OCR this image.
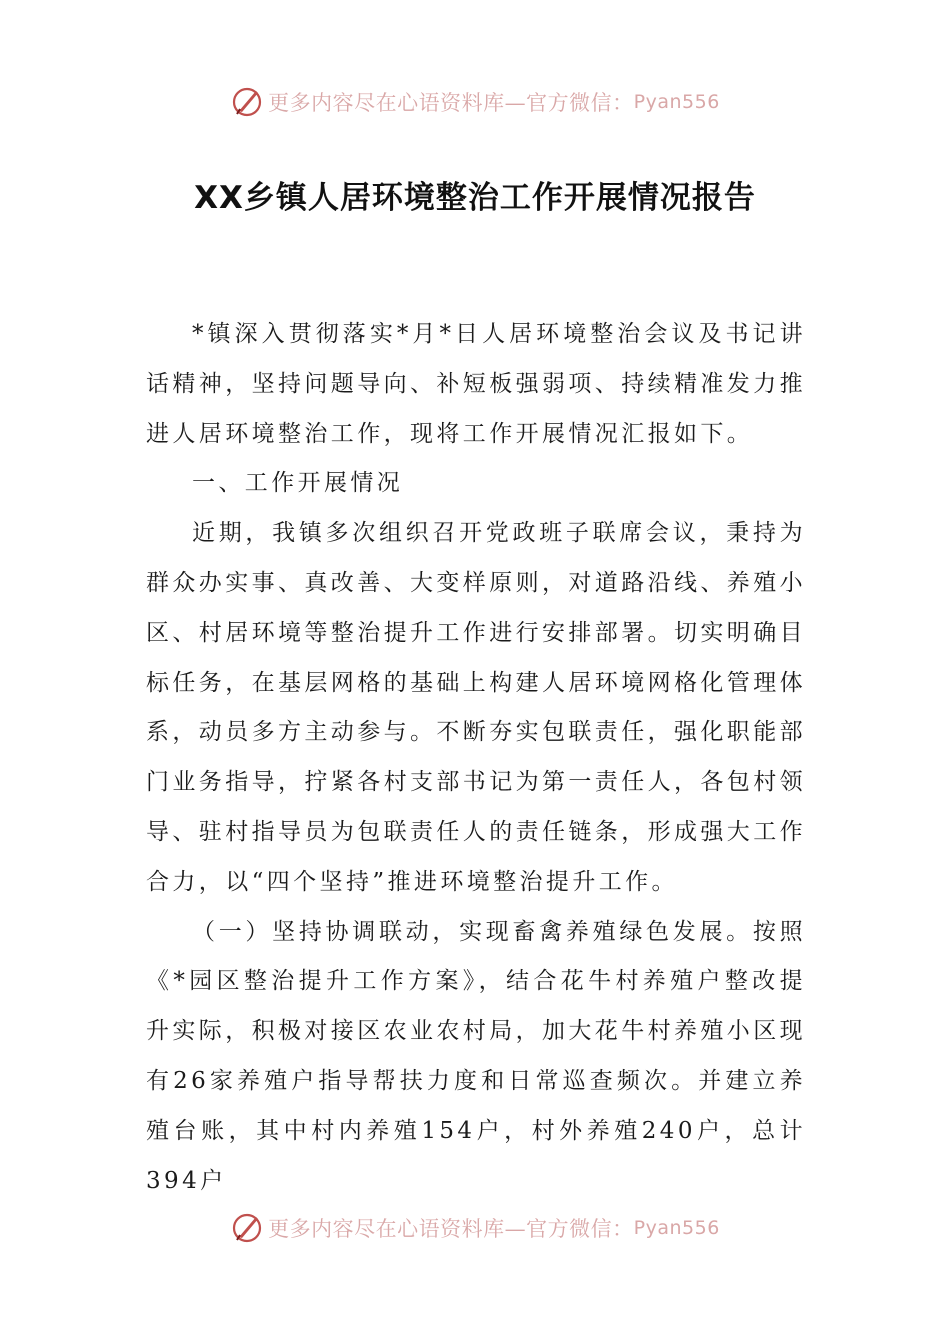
更多内容尽在心语资料库—官方微信： Pyan556
XX乡镇人居环境整治工作开展情况报告

*镇深入贯彻落实*月*日人居环境整治会议及书记讲话精神，坚持问题导向、补短板强弱项、持续精准发力推进人居环境整治工作，现将工作开展情况汇报如下。

一、工作开展情况

近期，我镇多次组织召开党政班子联席会议，秉持为群众办实事、真改善、大变样原则，对道路沿线、养殖小区、村居环境等整治提升工作进行安排部署。切实明确目标任务，在基层网格的基础上构建人居环境网格化管理体系，动员多方主动参与。不断夯实包联责任，强化职能部门业务指导，拧紧各村支部书记为第一责任人，各包村领导、驻村指导员为包联责任人的责任链条，形成强大工作合力，以“四个坚持”推进环境整治提升工作。

（一）坚持协调联动，实现畜禽养殖绿色发展。按照《*园区整治提升工作方案》，结合花牛村养殖户整改提升实际，积极对接区农业农村局，加大花牛村养殖小区现有26家养殖户指导帮扶力度和日常巡查频次。并建立养殖台账，其中村内养殖154户，村外养殖240户，总计394户

更多内容尽在心语资料库—官方微信： Pyan556
